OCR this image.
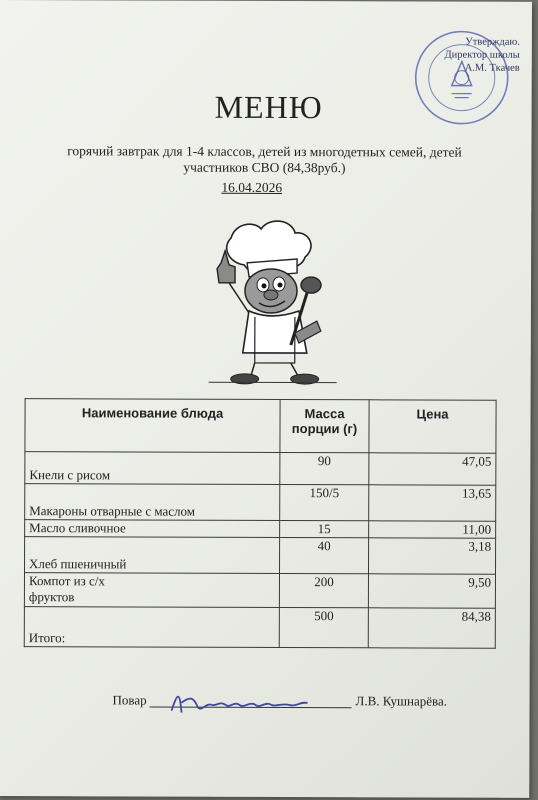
Утверждаю.
Директор школы
А.М. Ткачев
МЕНЮ
горячий завтрак для 1-4 классов, детей из многодетных семей, детей участников СВО (84,38руб.)
16.04.2026
Наименование блюда	Масса порции (г)	Цена
Кнели с рисом	90	47,05
Макароны отварные с маслом	150/5	13,65
Масло сливочное	15	11,00
Хлеб пшеничный	40	3,18

Компот из с/х фруктов	200	9,50
Итого:	500	84,38
Повар	Л.В. Кушнарёва.
